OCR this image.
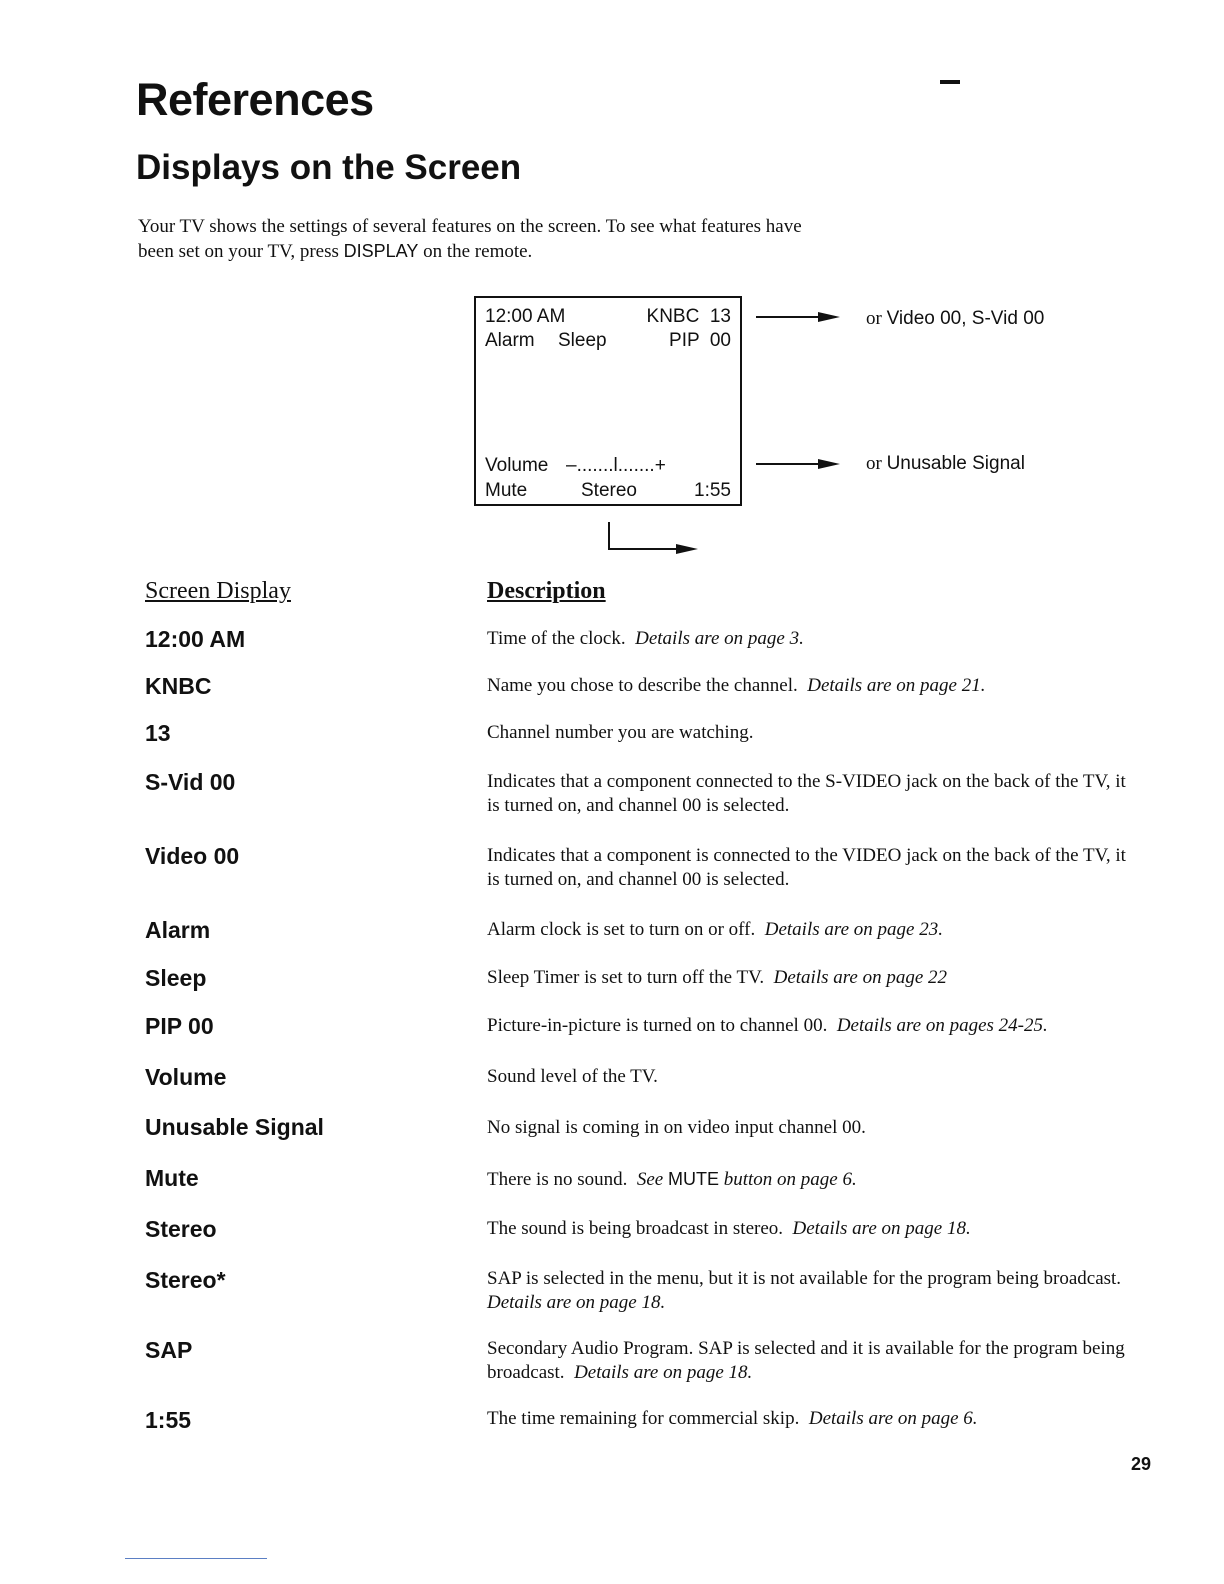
References
Displays on the Screen

Your TV shows the settings of several features on the screen. To see what features have been set on your TV, press DISPLAY on the remote.

12:00 AM	KNBC  13
Alarm Sleep	PIP  00
Volume –.......l.......+
Mute	Stereo	1:55
or Video 00, S-Vid 00
or Unusable Signal
Screen Display	Description
12:00 AM	Time of the clock. Details are on page 3.
KNBC	Name you chose to describe the channel. Details are on page 21.
13	Channel number you are watching.
S-Vid 00	Indicates that a component connected to the S-VIDEO jack on the back of the TV, it is turned on, and channel 00 is selected.
Video 00	Indicates that a component is connected to the VIDEO jack on the back of the TV, it is turned on, and channel 00 is selected.
Alarm	Alarm clock is set to turn on or off. Details are on page 23.
Sleep	Sleep Timer is set to turn off the TV. Details are on page 22
PIP 00	Picture-in-picture is turned on to channel 00. Details are on pages 24-25.
Volume	Sound level of the TV.
Unusable Signal	No signal is coming in on video input channel 00.
Mute	There is no sound. See MUTE button on page 6.
Stereo	The sound is being broadcast in stereo. Details are on page 18.
Stereo*	SAP is selected in the menu, but it is not available for the program being broadcast.  Details are on page 18.
SAP	Secondary Audio Program. SAP is selected and it is available for the program being broadcast. Details are on page 18.
1:55	The time remaining for commercial skip. Details are on page 6.
29
